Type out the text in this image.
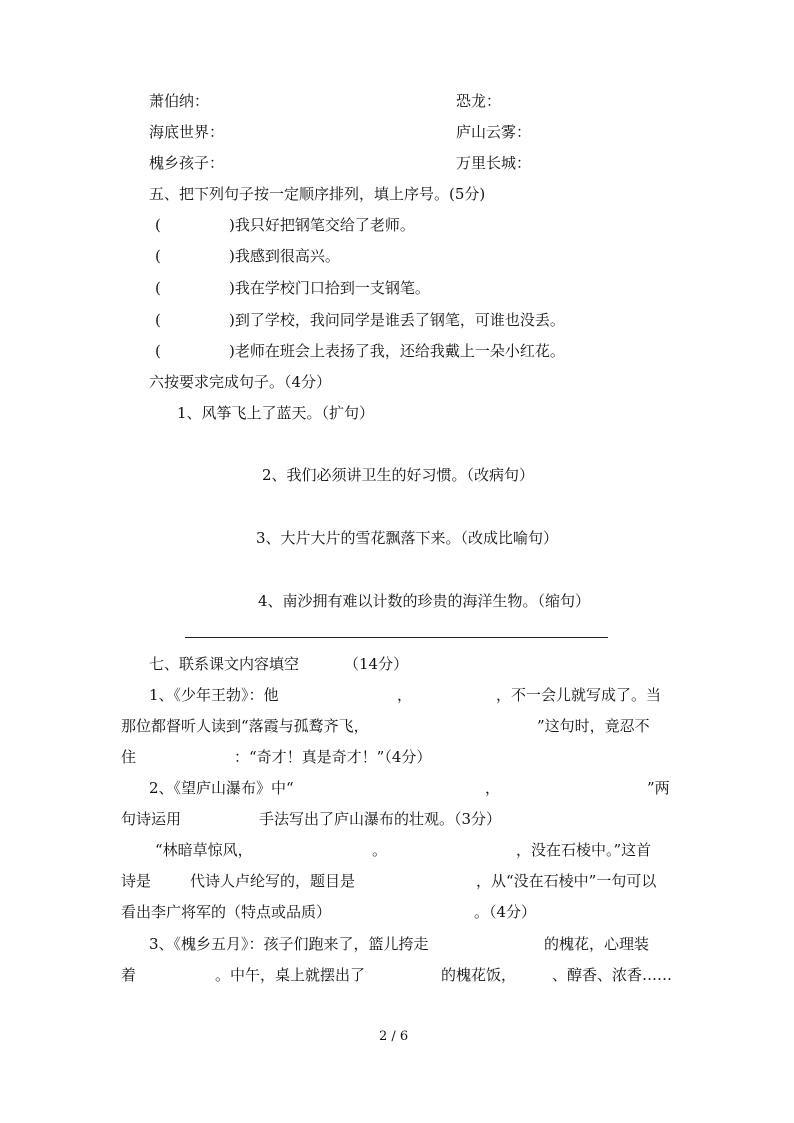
萧伯纳：	恐龙：
海底世界：	庐山云雾：
槐乡孩子：	万里长城：
五、把下列句子按一定顺序排列，填上序号。(5分)
(	)我只好把钢笔交给了老师。
(	)我感到很高兴。
(	)我在学校门口拾到一支钢笔。
(	)到了学校，我问同学是谁丢了钢笔，可谁也没丢。
(	)老师在班会上表扬了我，还给我戴上一朵小红花。
六按要求完成句子。（4分）
1、风筝飞上了蓝天。（扩句）
2、我们必须讲卫生的好习惯。（改病句）
3、大片大片的雪花飘落下来。（改成比喻句）
4、南沙拥有难以计数的珍贵的海洋生物。（缩句）
七、联系课文内容填空	（14分）
1、《少年王勃》：他	，	，不一会儿就写成了。当
那位都督听人读到“落霞与孤鹜齐飞，	”这句时，竟忍不
住	：“奇才！真是奇才！”（4分）
2、《望庐山瀑布》中“	，	”两
句诗运用	手法写出了庐山瀑布的壮观。（3分）
“林暗草惊风，	。	，没在石棱中。”这首
诗是	代诗人卢纶写的，题目是	，从“没在石棱中”一句可以
看出李广将军的（特点或品质）	。（4分）
3、《槐乡五月》：孩子们跑来了，篮儿挎走	的槐花，心理装
着	。中午，桌上就摆出了	的槐花饭， 、醇香、浓香……
2 / 6
